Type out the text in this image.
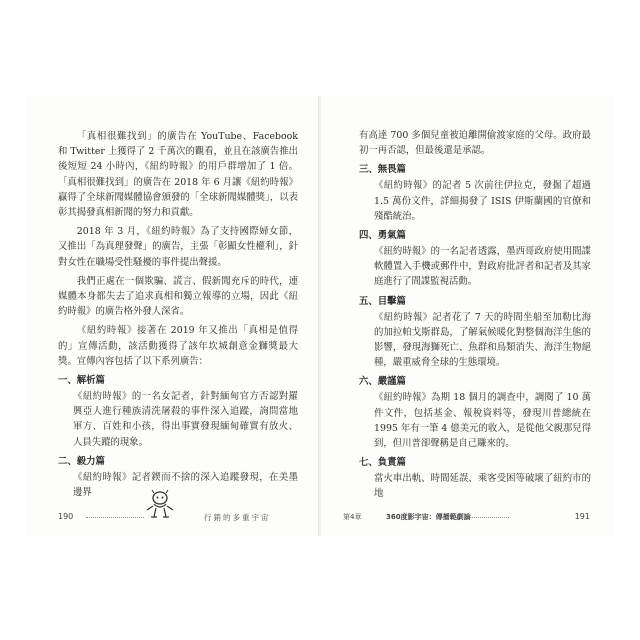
「真相很難找到」的廣告在 YouTube、Facebook 和 Twitter 上獲得了 2 千萬次的觀看，並且在該廣告推出後短短 24 小時內，《紐約時報》的用戶群增加了 1 倍。「真相很難找到」的廣告在 2018 年 6 月讓《紐約時報》贏得了全球新聞媒體協會頒發的「全球新聞媒體獎」，以表彰其揭發真相新聞的努力和貢獻。

2018 年 3 月，《紐約時報》為了支持國際婦女節，又推出「為真理發聲」的廣告，主張「彰顯女性權利」，針對女性在職場受性騷擾的事件提出聲援。

我們正處在一個欺騙、謊言、假新聞充斥的時代，連媒體本身都失去了追求真相和獨立報導的立場，因此《紐約時報》的廣告格外發人深省。

《紐約時報》接著在 2019 年又推出「真相是值得的」宣傳活動，該活動獲得了該年坎城創意金獅獎最大獎。宣傳內容包括了以下系列廣告：

一、解析篇

《紐約時報》的一名女記者，針對緬甸官方否認對羅興亞人進行種族清洗屠殺的事件深入追蹤，詢問當地軍方、百姓和小孩，得出事實發現緬甸確實有放火、人員失蹤的現象。

二、毅力篇

《紐約時報》記者鍥而不捨的深入追蹤發現，在美墨邊界

190	行銷的多重宇宙

有高達 700 多個兒童被迫離開偷渡家庭的父母。政府最初一再否認，但最後還是承認。

三、無畏篇

《紐約時報》的記者 5 次前往伊拉克，發掘了超過 1.5 萬份文件，詳細揭發了 ISIS 伊斯蘭國的官僚和殘酷統治。

四、勇氣篇

《紐約時報》的一名記者透露，墨西哥政府使用間諜軟體置入手機或郵件中，對政府批評者和記者及其家庭進行了間諜監視活動。

五、目擊篇

《紐約時報》記者花了 7 天的時間坐船至加勒比海的加拉帕戈斯群島，了解氣候暖化對整個海洋生態的影響，發現海獅死亡、魚群和鳥類消失、海洋生物絕種，嚴重威脅全球的生態環境。

六、嚴謹篇

《紐約時報》為期 18 個月的調查中，調閱了 10 萬件文件，包括基金、報稅資料等，發現川普總統在 1995 年有一筆 4 億美元的收入，是從他父親那兒得到，但川普卻聲稱是自己賺來的。

七、負責篇

當火車出軌、時間延誤、乘客受困等破壞了紐約市的地

第4章	360度影字宙：傳播範劇論	191
